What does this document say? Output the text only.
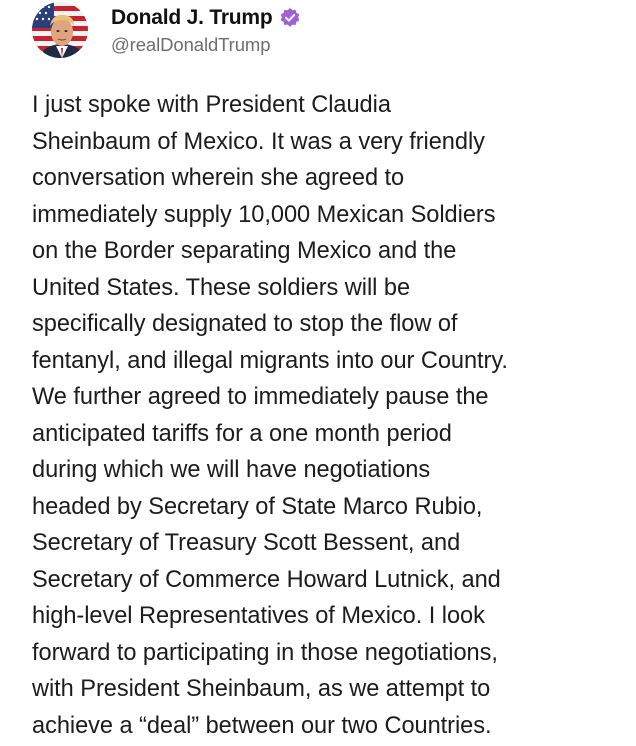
Donald J. Trump
@realDonaldTrump
I just spoke with President Claudia
Sheinbaum of Mexico. It was a very friendly
conversation wherein she agreed to
immediately supply 10,000 Mexican Soldiers
on the Border separating Mexico and the
United States. These soldiers will be
specifically designated to stop the flow of
fentanyl, and illegal migrants into our Country.
We further agreed to immediately pause the
anticipated tariffs for a one month period
during which we will have negotiations
headed by Secretary of State Marco Rubio,
Secretary of Treasury Scott Bessent, and
Secretary of Commerce Howard Lutnick, and
high-level Representatives of Mexico. I look
forward to participating in those negotiations,
with President Sheinbaum, as we attempt to
achieve a “deal” between our two Countries.
